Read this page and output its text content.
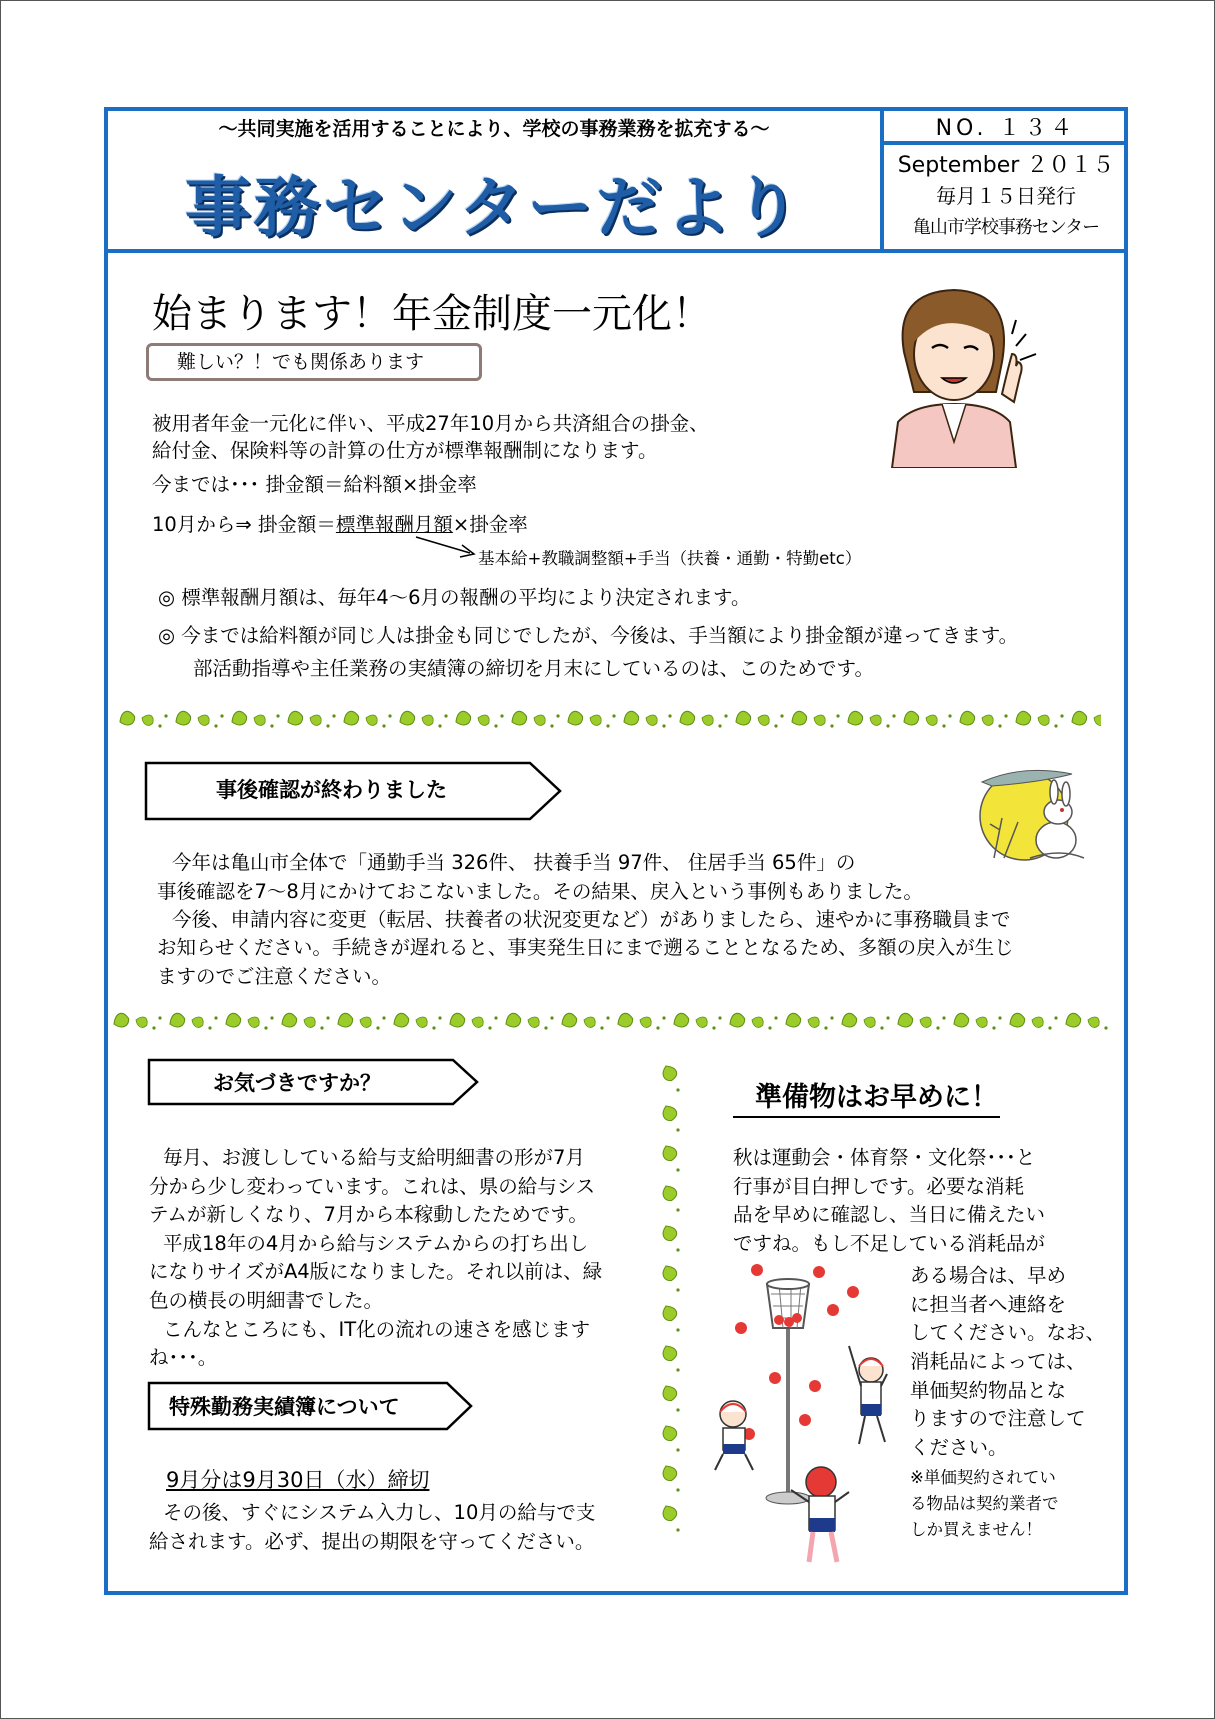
～共同実施を活用することにより、学校の事務業務を拡充する～
事務センターだより
NO. １３４
September ２０１５
毎月１５日発行
亀山市学校事務センター
始まります！年金制度一元化！
難しい？！でも関係あります
被用者年金一元化に伴い、平成27年10月から共済組合の掛金、
給付金、保険料等の計算の仕方が標準報酬制になります。
今までは･･･ 掛金額＝給料額×掛金率
10月から⇒ 掛金額＝標準報酬月額×掛金率
基本給+教職調整額+手当（扶養・通勤・特勤etc）
◎ 標準報酬月額は、毎年4～6月の報酬の平均により決定されます。
◎ 今までは給料額が同じ人は掛金も同じでしたが、今後は、手当額により掛金額が違ってきます。
部活動指導や主任業務の実績簿の締切を月末にしているのは、このためです。
事後確認が終わりました
今年は亀山市全体で「通勤手当 326件、 扶養手当 97件、 住居手当 65件」の
事後確認を7～8月にかけておこないました。その結果、戻入という事例もありました。
今後、申請内容に変更（転居、扶養者の状況変更など）がありましたら、速やかに事務職員まで
お知らせください。手続きが遅れると、事実発生日にまで遡ることとなるため、多額の戻入が生じ
ますのでご注意ください。
お気づきですか？
毎月、お渡ししている給与支給明細書の形が7月
分から少し変わっています。これは、県の給与シス
テムが新しくなり、7月から本稼動したためです。
平成18年の4月から給与システムからの打ち出し
になりサイズがA4版になりました。それ以前は、緑
色の横長の明細書でした。
こんなところにも、IT化の流れの速さを感じます
ね･･･。
特殊勤務実績簿について
9月分は9月30日（水）締切
その後、すぐにシステム入力し、10月の給与で支
給されます。必ず、提出の期限を守ってください。
準備物はお早めに！
秋は運動会・体育祭・文化祭･･･と
行事が目白押しです。必要な消耗
品を早めに確認し、当日に備えたい
ですね。もし不足している消耗品が
ある場合は、早め
に担当者へ連絡を
してください。なお、
消耗品によっては、
単価契約物品とな
りますので注意して
ください。
※単価契約されてい
る物品は契約業者で
しか買えません！
